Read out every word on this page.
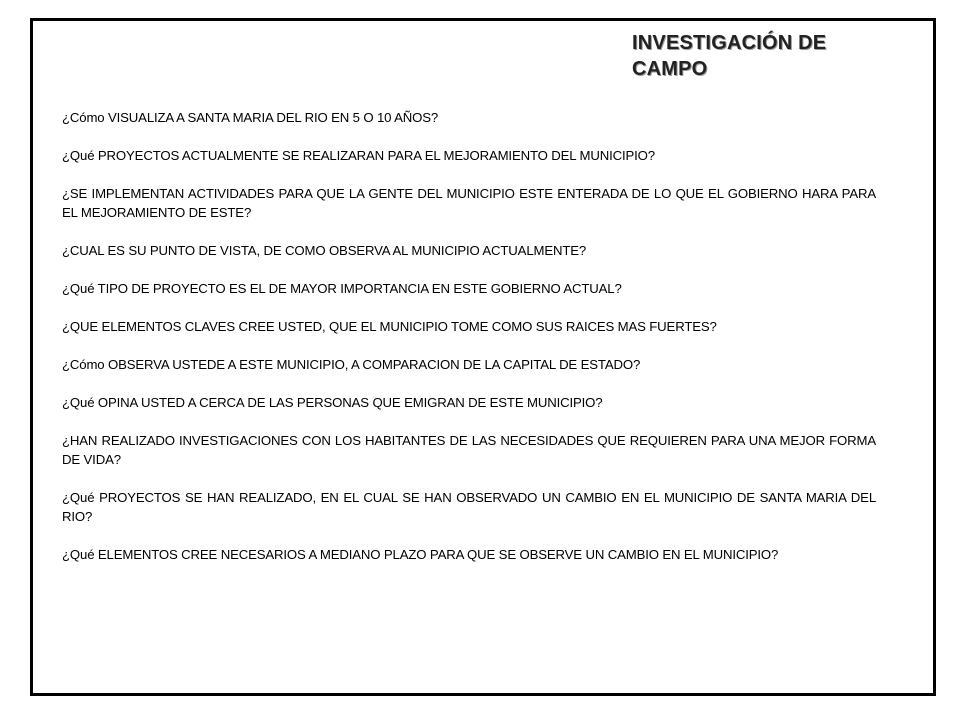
INVESTIGACIÓN DE CAMPO
¿Cómo VISUALIZA A SANTA MARIA DEL RIO EN 5 O 10 AÑOS?
¿Qué PROYECTOS ACTUALMENTE SE REALIZARAN PARA EL MEJORAMIENTO DEL MUNICIPIO?
¿SE IMPLEMENTAN ACTIVIDADES PARA QUE LA GENTE DEL MUNICIPIO ESTE ENTERADA DE LO QUE EL GOBIERNO HARA PARA EL MEJORAMIENTO DE ESTE?
¿CUAL ES SU PUNTO DE VISTA, DE COMO OBSERVA AL MUNICIPIO ACTUALMENTE?
¿Qué TIPO DE PROYECTO ES EL DE MAYOR IMPORTANCIA EN ESTE GOBIERNO ACTUAL?
¿QUE ELEMENTOS CLAVES CREE USTED, QUE EL MUNICIPIO TOME COMO SUS RAICES MAS FUERTES?
¿Cómo OBSERVA USTEDE A ESTE MUNICIPIO, A COMPARACION DE LA CAPITAL DE ESTADO?
¿Qué OPINA USTED A CERCA DE LAS PERSONAS QUE EMIGRAN DE ESTE MUNICIPIO?
¿HAN REALIZADO INVESTIGACIONES CON LOS HABITANTES DE LAS NECESIDADES QUE REQUIEREN PARA UNA MEJOR FORMA DE VIDA?
¿Qué PROYECTOS SE HAN REALIZADO, EN EL CUAL SE HAN OBSERVADO UN CAMBIO EN EL MUNICIPIO DE SANTA MARIA DEL RIO?
¿Qué ELEMENTOS CREE NECESARIOS A MEDIANO PLAZO PARA QUE SE OBSERVE UN CAMBIO EN EL MUNICIPIO?
